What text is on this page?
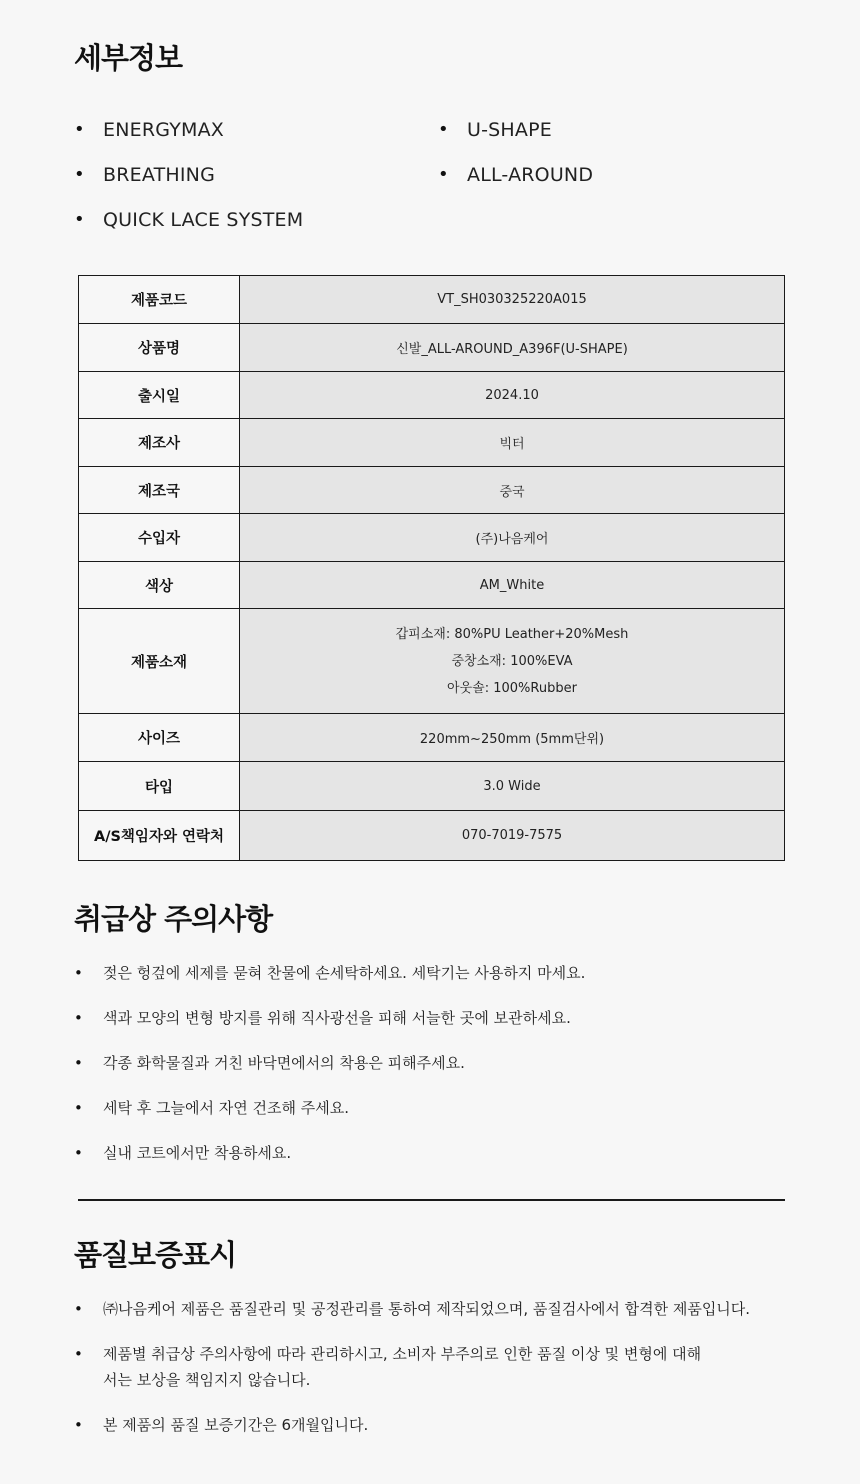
세부정보
• ENERGYMAX	• U-SHAPE
• BREATHING	• ALL-AROUND
• QUICK LACE SYSTEM
제품코드	VT_SH030325220A015
상품명	신발_ALL-AROUND_A396F(U-SHAPE)
출시일	2024.10
제조사	빅터
제조국	중국
수입자	(주)나음케어
색상	AM_White
제품소재	갑피소재: 80%PU Leather+20%Mesh
중창소재: 100%EVA
아웃솔: 100%Rubber

사이즈	220mm~250mm (5mm단위)
타입	3.0 Wide
A/S책임자와 연락처	070-7019-7575
취급상 주의사항
•	젖은 헝겊에 세제를 묻혀 찬물에 손세탁하세요. 세탁기는 사용하지 마세요.
•	색과 모양의 변형 방지를 위해 직사광선을 피해 서늘한 곳에 보관하세요.
•	각종 화학물질과 거친 바닥면에서의 착용은 피해주세요.
•	세탁 후 그늘에서 자연 건조해 주세요.
•	실내 코트에서만 착용하세요.
품질보증표시
•	㈜나음케어 제품은 품질관리 및 공정관리를 통하여 제작되었으며, 품질검사에서 합격한 제품입니다.
•	제품별 취급상 주의사항에 따라 관리하시고, 소비자 부주의로 인한 품질 이상 및 변형에 대해서는 보상을 책임지지 않습니다.
•	본 제품의 품질 보증기간은 6개월입니다.
